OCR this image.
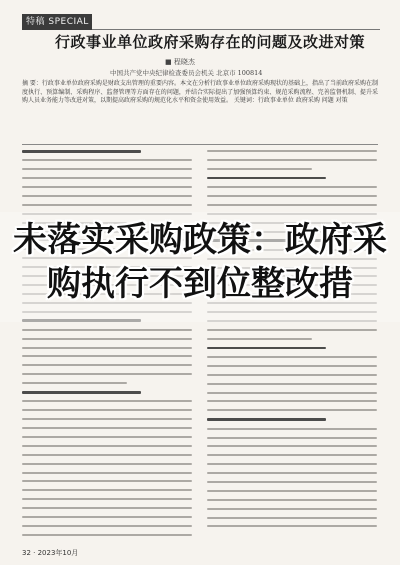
特稿 SPECIAL
行政事业单位政府采购存在的问题及改进对策
■ 程晓杰
中国共产党中央纪律检查委员会机关 北京市 100814
摘 要：行政事业单位政府采购是财政支出管理的重要内容。本文在分析行政事业单位政府采购现状的基础上，指出了当前政府采购在制度执行、预算编制、采购程序、监督管理等方面存在的问题，并结合实际提出了加强预算约束、规范采购流程、完善监督机制、提升采购人员业务能力等改进对策，以期提高政府采购的规范化水平和资金使用效益。 关键词：行政事业单位 政府采购 问题 对策
未落实采购政策：政府采购执行不到位整改措
32 · 2023年10月
